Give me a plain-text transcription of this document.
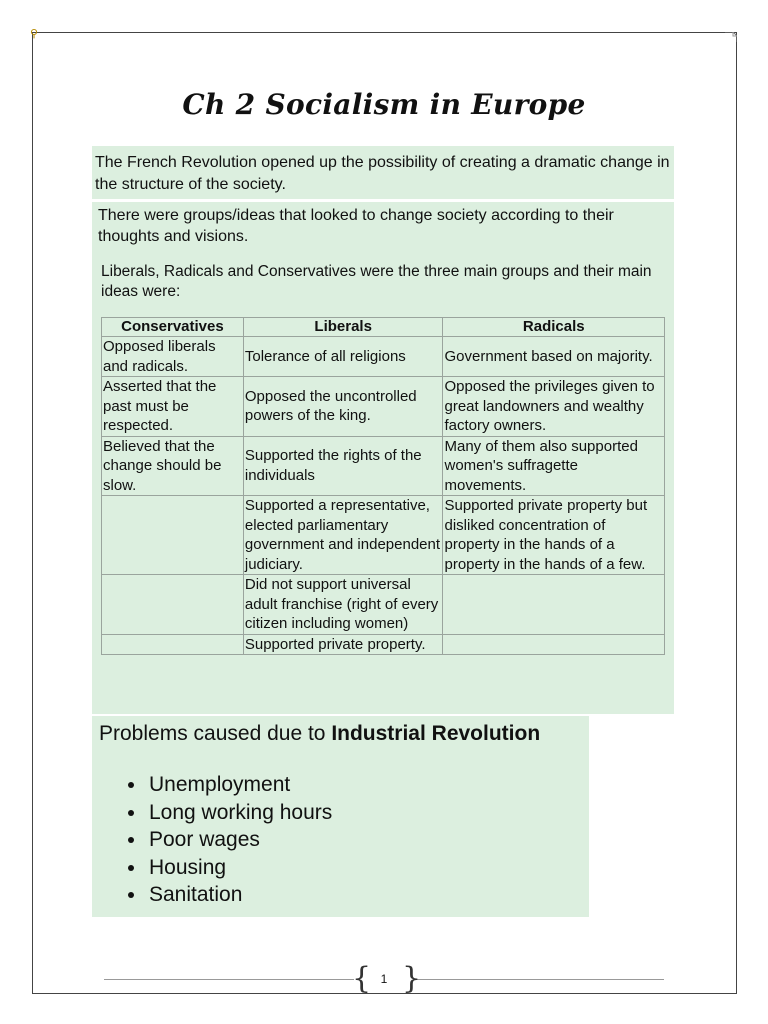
⚲
Ch 2 Socialism in Europe

The French Revolution opened up the possibility of creating a dramatic change in the structure of the society.

There were groups/ideas that looked to change society according to their thoughts and visions.

Liberals, Radicals and Conservatives were the three main groups and their main ideas were:

Conservatives	Liberals	Radicals
Opposed liberals and radicals.	Tolerance of all religions	Government based on majority.
Asserted that the past must be respected.	Opposed the uncontrolled powers of the king.	Opposed the privileges given to great landowners and wealthy factory owners.
Believed that the change should be slow.	Supported the rights of the individuals	Many of them also supported women's suffragette movements.
	Supported a representative, elected parliamentary government and independent judiciary.	Supported private property but disliked concentration of property in the hands of a property in the hands of a few.
	Did not support universal adult franchise (right of every citizen including women)	
	Supported private property.	
Problems caused due to Industrial Revolution
• Unemployment
• Long working hours
• Poor wages
• Housing
• Sanitation
{ }
1
